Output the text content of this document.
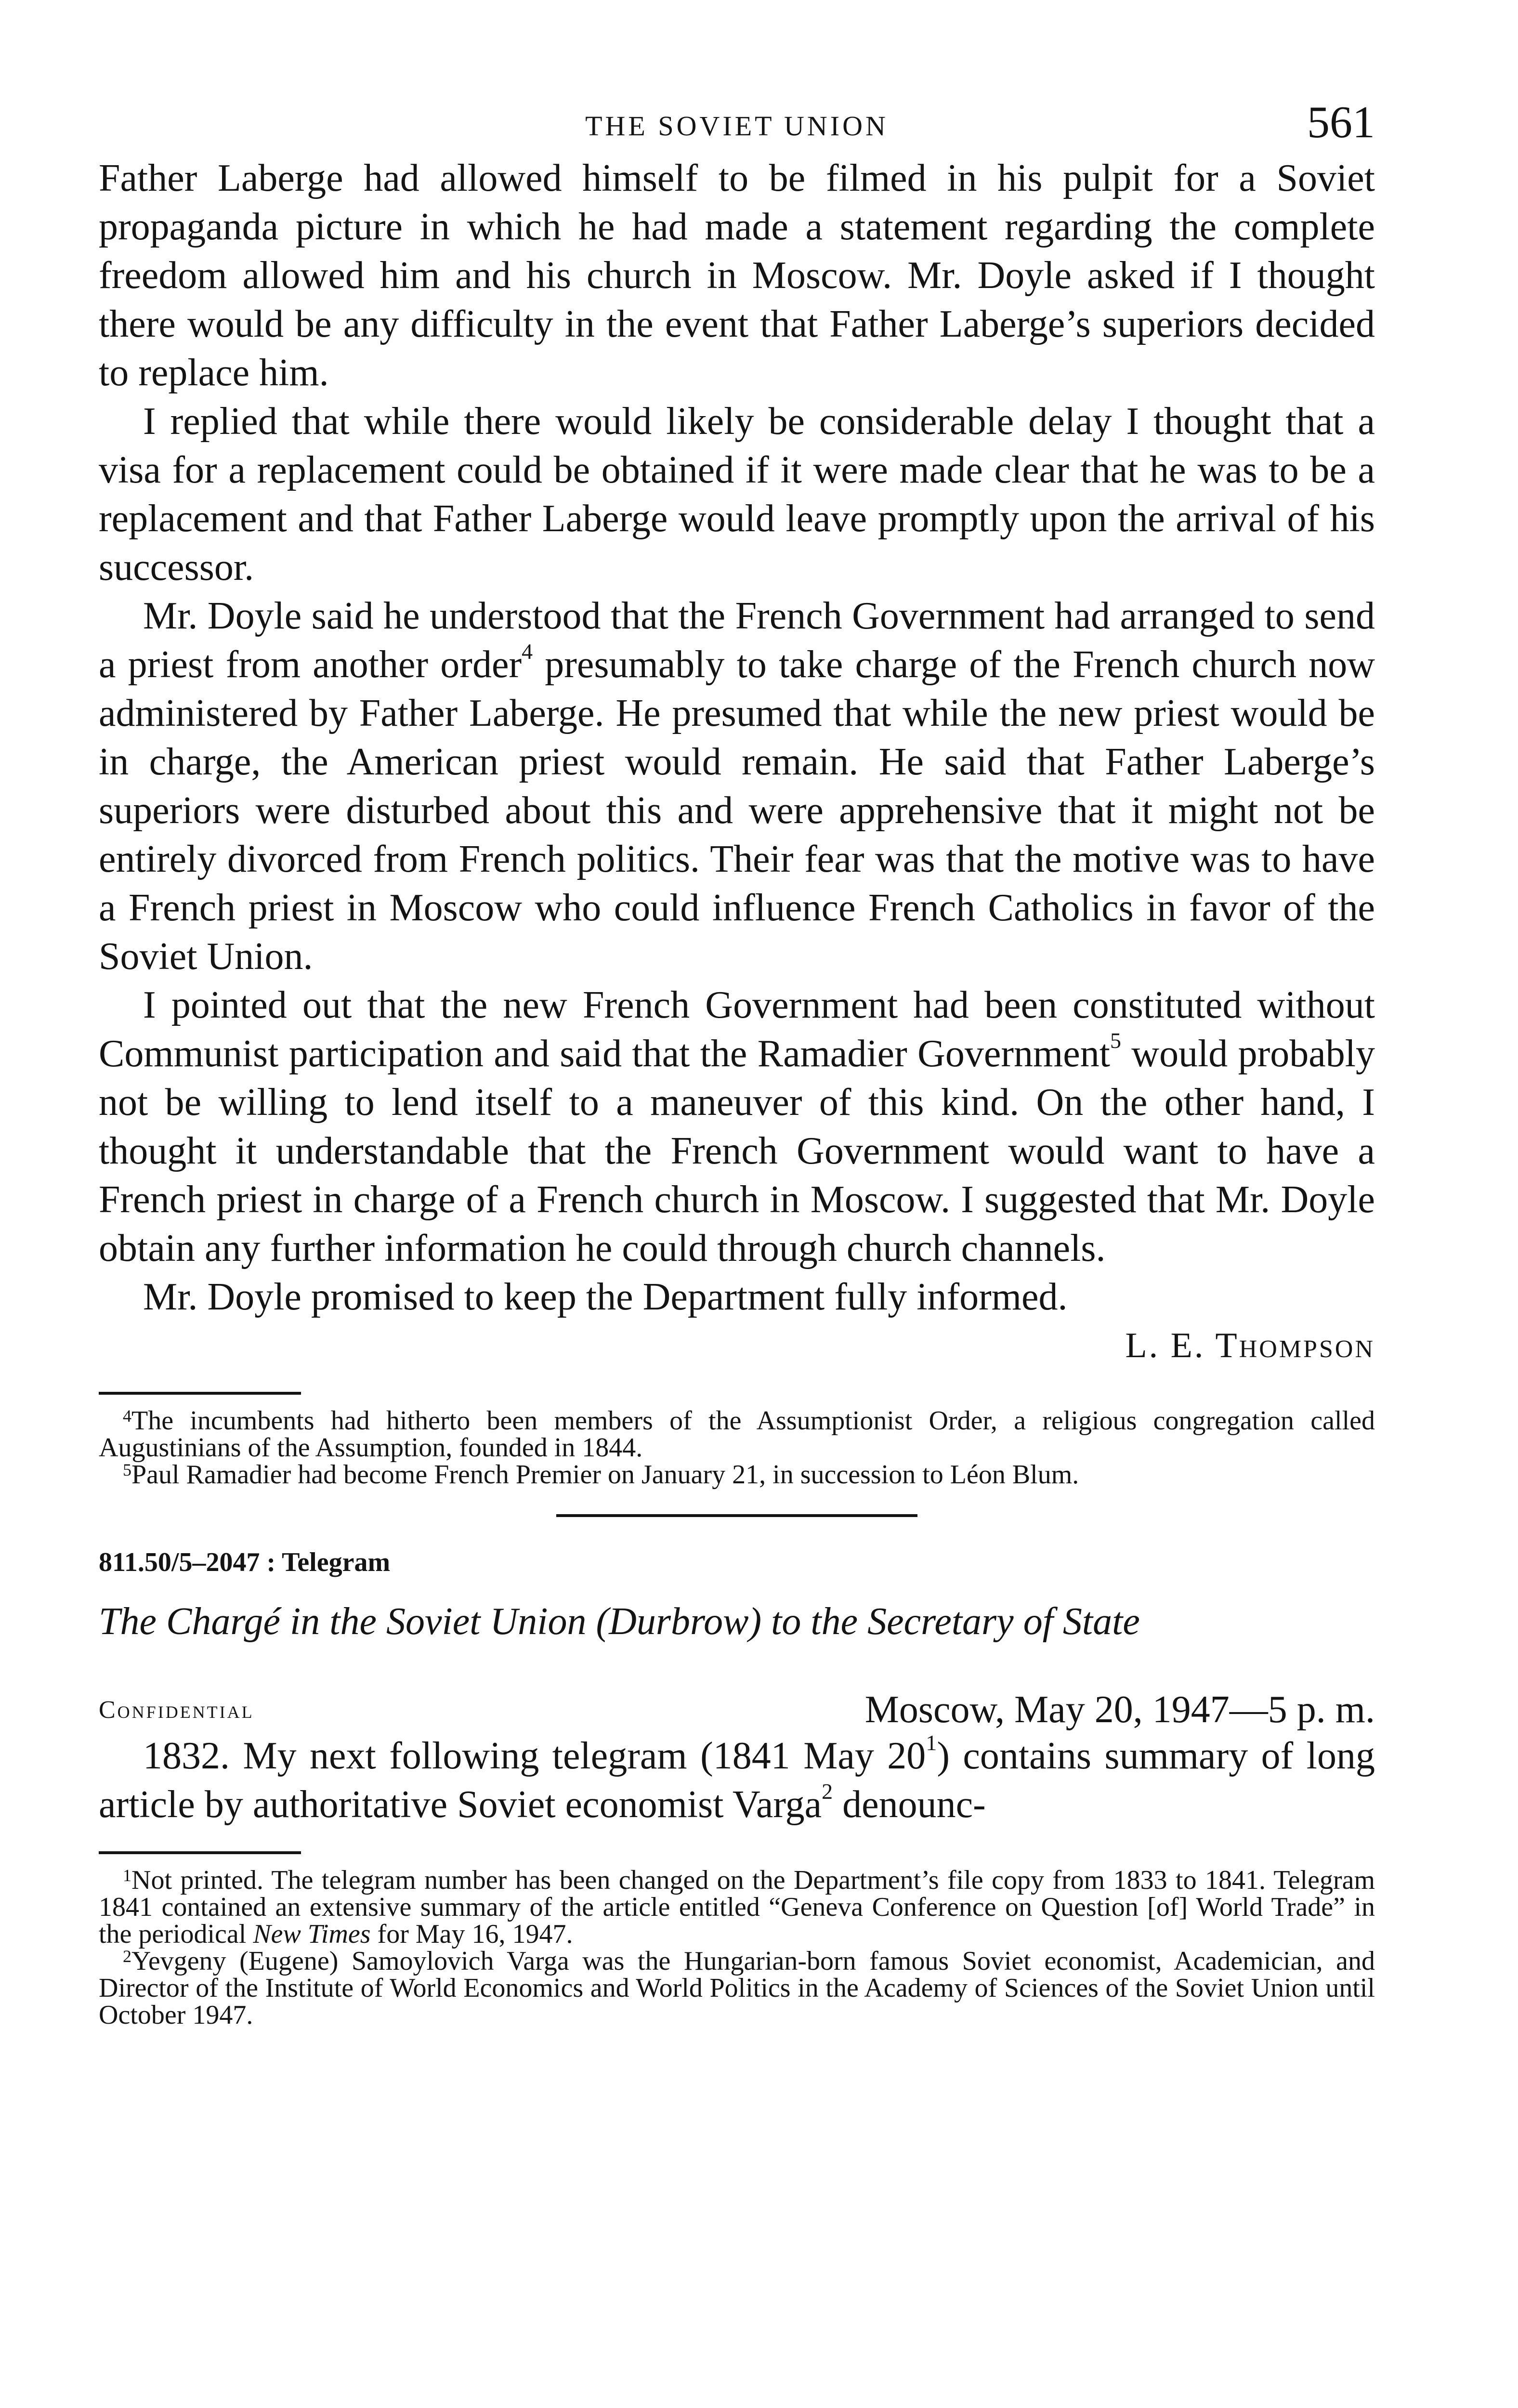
THE SOVIET UNION	561

Father Laberge had allowed himself to be filmed in his pulpit for a Soviet propaganda picture in which he had made a statement regarding the complete freedom allowed him and his church in Moscow. Mr. Doyle asked if I thought there would be any difficulty in the event that Father Laberge’s superiors decided to replace him.

I replied that while there would likely be considerable delay I thought that a visa for a replacement could be obtained if it were made clear that he was to be a replacement and that Father Laberge would leave promptly upon the arrival of his successor.

Mr. Doyle said he understood that the French Government had arranged to send a priest from another order$^4$ presumably to take charge of the French church now administered by Father Laberge. He presumed that while the new priest would be in charge, the American priest would remain. He said that Father Laberge’s superiors were disturbed about this and were apprehensive that it might not be entirely divorced from French politics. Their fear was that the motive was to have a French priest in Moscow who could influence French Catholics in favor of the Soviet Union.

I pointed out that the new French Government had been constituted without Communist participation and said that the Ramadier Government$^5$ would probably not be willing to lend itself to a maneuver of this kind. On the other hand, I thought it understandable that the French Government would want to have a French priest in charge of a French church in Moscow. I suggested that Mr. Doyle obtain any further information he could through church channels.

Mr. Doyle promised to keep the Department fully informed.

L. E. Thompson

$^4$The incumbents had hitherto been members of the Assumptionist Order, a religious congregation called Augustinians of the Assumption, founded in 1844.

$^5$Paul Ramadier had become French Premier on January 21, in succession to Léon Blum.

811.50/5–2047 : Telegram
The Chargé in the Soviet Union (Durbrow) to the Secretary of State
Confidential	Moscow, May 20, 1947—5 p. m.

1832. My next following telegram (1841 May $20^1$) contains summary of long article by authoritative Soviet economist Varga$^2$ denounc-

$^1$Not printed. The telegram number has been changed on the Department’s file copy from 1833 to 1841. Telegram 1841 contained an extensive summary of the article entitled “Geneva Conference on Question [of] World Trade” in the periodical New Times for May 16, 1947.

$^2$Yevgeny (Eugene) Samoylovich Varga was the Hungarian-born famous Soviet economist, Academician, and Director of the Institute of World Economics and World Politics in the Academy of Sciences of the Soviet Union until October 1947.
